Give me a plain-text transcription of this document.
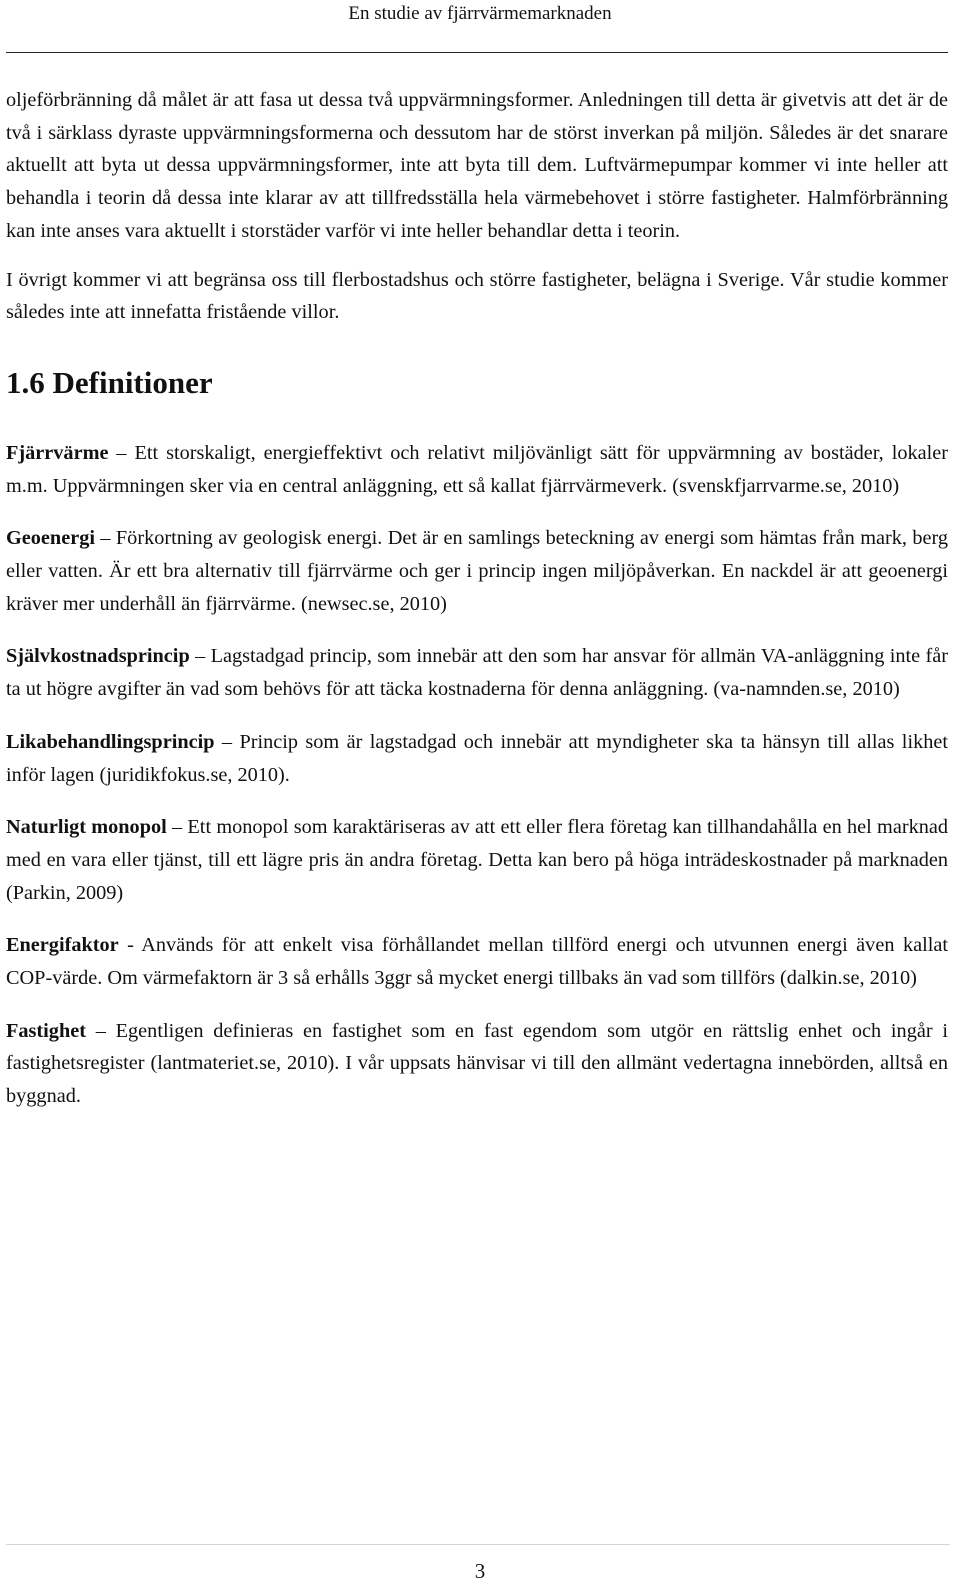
En studie av fjärrvärmemarknaden

oljeförbränning då målet är att fasa ut dessa två uppvärmningsformer. Anledningen till detta är givetvis att det är de två i särklass dyraste uppvärmningsformerna och dessutom har de störst inverkan på miljön. Således är det snarare aktuellt att byta ut dessa uppvärmningsformer, inte att byta till dem. Luftvärmepumpar kommer vi inte heller att behandla i teorin då dessa inte klarar av att tillfredsställa hela värmebehovet i större fastigheter. Halmförbränning kan inte anses vara aktuellt i storstäder varför vi inte heller behandlar detta i teorin.

I övrigt kommer vi att begränsa oss till flerbostadshus och större fastigheter, belägna i Sverige. Vår studie kommer således inte att innefatta fristående villor.

1.6 Definitioner

Fjärrvärme – Ett storskaligt, energieffektivt och relativt miljövänligt sätt för uppvärmning av bostäder, lokaler m.m. Uppvärmningen sker via en central anläggning, ett så kallat fjärrvärmeverk. (svenskfjarrvarme.se, 2010)

Geoenergi – Förkortning av geologisk energi. Det är en samlings beteckning av energi som hämtas från mark, berg eller vatten. Är ett bra alternativ till fjärrvärme och ger i princip ingen miljöpåverkan. En nackdel är att geoenergi kräver mer underhåll än fjärrvärme. (newsec.se, 2010)

Självkostnadsprincip – Lagstadgad princip, som innebär att den som har ansvar för allmän VA-anläggning inte får ta ut högre avgifter än vad som behövs för att täcka kostnaderna för denna anläggning. (va-namnden.se, 2010)

Likabehandlingsprincip – Princip som är lagstadgad och innebär att myndigheter ska ta hänsyn till allas likhet inför lagen (juridikfokus.se, 2010).

Naturligt monopol – Ett monopol som karaktäriseras av att ett eller flera företag kan tillhandahålla en hel marknad med en vara eller tjänst, till ett lägre pris än andra företag. Detta kan bero på höga inträdeskostnader på marknaden (Parkin, 2009)

Energifaktor - Används för att enkelt visa förhållandet mellan tillförd energi och utvunnen energi även kallat COP-värde. Om värmefaktorn är 3 så erhålls 3ggr så mycket energi tillbaks än vad som tillförs (dalkin.se, 2010)

Fastighet – Egentligen definieras en fastighet som en fast egendom som utgör en rättslig enhet och ingår i fastighetsregister (lantmateriet.se, 2010). I vår uppsats hänvisar vi till den allmänt vedertagna innebörden, alltså en byggnad.

3
